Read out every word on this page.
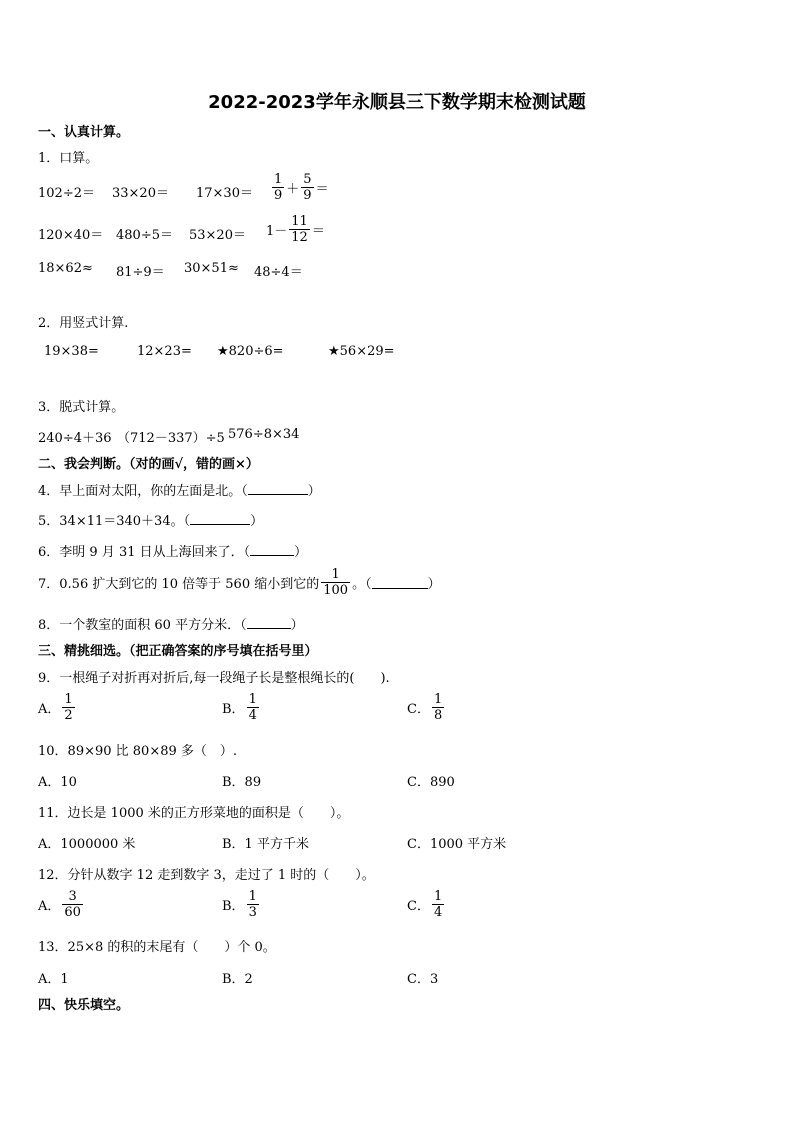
2022-2023学年永顺县三下数学期末检测试题
一、认真计算。
1．口算。
$102\div 2= 33\times 20= 17\times 30= \frac{1}{9} + \frac{5}{9}$ ＝
$120\times 40= 480\div 5= 53\times 20= 1- \frac{11}{12}$ ＝
18×62≈ 81÷9＝ 30×51≈ 48÷4＝
2．用竖式计算.
19×38=	12×23= ★820÷6=	★56×29=
3．脱式计算。
240÷4＋36 （712－337）÷5 576÷8×34
二、我会判断。（对的画√，错的画×）
4．早上面对太阳，你的左面是北。（	）
5．34×11＝340＋34。（	）
6．李明 9 月 31 日从上海回来了．（	）
7．0.56 扩大到它的 10 倍等于 560 缩小到它的 $\frac{1}{100}$ 。（	）
8．一个教室的面积 60 平方分米．（	）
三、精挑细选。（把正确答案的序号填在括号里）
9．一根绳子对折再对折后,每一段绳子长是整根绳长的(　　).
A． $\frac{1}{2}$	B． $\frac{1}{4}$	C． $\frac{1}{8}$
10．89×90 比 80×89 多（　）.
A．10	B．89	C．890
11．边长是 1000 米的正方形菜地的面积是（　　）。
A．1000000 米	B．1 平方千米	C．1000 平方米
12．分针从数字 12 走到数字 3，走过了 1 时的（　　）。
A． $\frac{3}{60}$	B． $\frac{1}{3}$	C． $\frac{1}{4}$
13．25×8 的积的末尾有（　　）个 0。
A．1	B．2	C．3
四、快乐填空。
